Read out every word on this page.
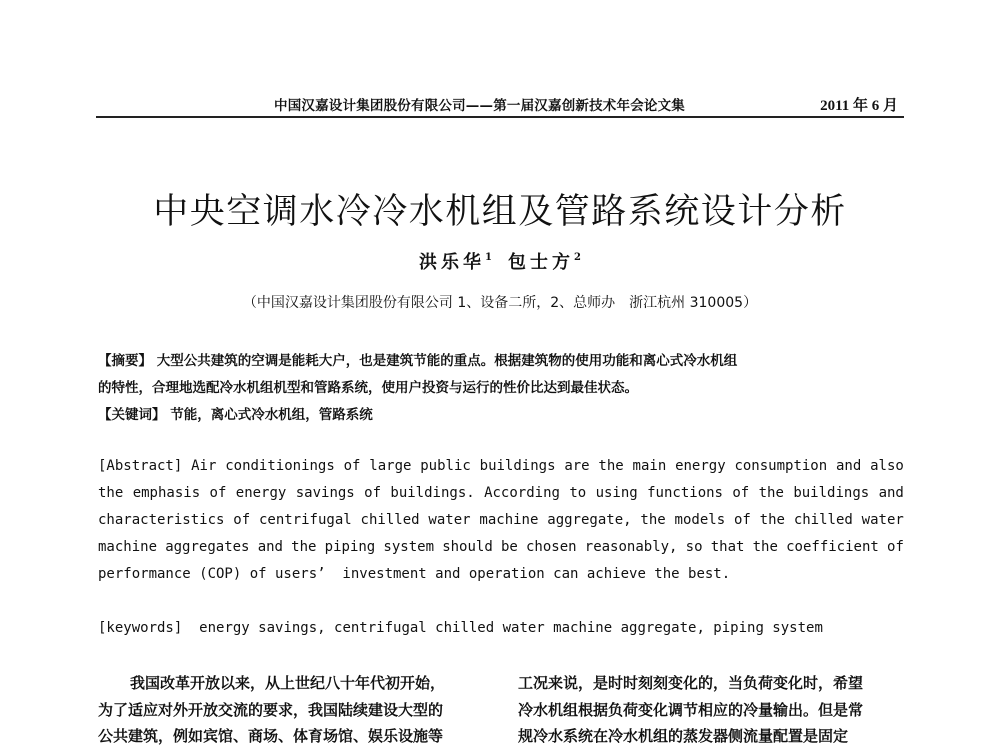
中国汉嘉设计集团股份有限公司——第一届汉嘉创新技术年会论文集	2011 年 6 月
中央空调水冷冷水机组及管路系统设计分析
洪乐华$^1$ 包士方$^2$
（中国汉嘉设计集团股份有限公司 1、设备二所，2、总师办　浙江杭州 310005）
【摘要】 大型公共建筑的空调是能耗大户，也是建筑节能的重点。根据建筑物的使用功能和离心式冷水机组
的特性，合理地选配冷水机组机型和管路系统，使用户投资与运行的性价比达到最佳状态。
【关键词】 节能，离心式冷水机组，管路系统
[Abstract] Air conditionings of large public buildings are the main energy consumption and also
the emphasis of energy savings of buildings. According to using functions of the buildings and
characteristics of centrifugal chilled water machine aggregate, the models of the chilled water
machine aggregates and the piping system should be chosen reasonably, so that the coefficient of
performance (COP) of users’  investment and operation can achieve the best.
[keywords]
energy savings, centrifugal chilled water machine aggregate, piping system
我国改革开放以来，从上世纪八十年代初开始，
为了适应对外开放交流的要求，我国陆续建设大型的
公共建筑，例如宾馆、商场、体育场馆、娱乐设施等
工况来说，是时时刻刻变化的，当负荷变化时，希望
冷水机组根据负荷变化调节相应的冷量输出。但是常
规冷水系统在冷水机组的蒸发器侧流量配置是固定
